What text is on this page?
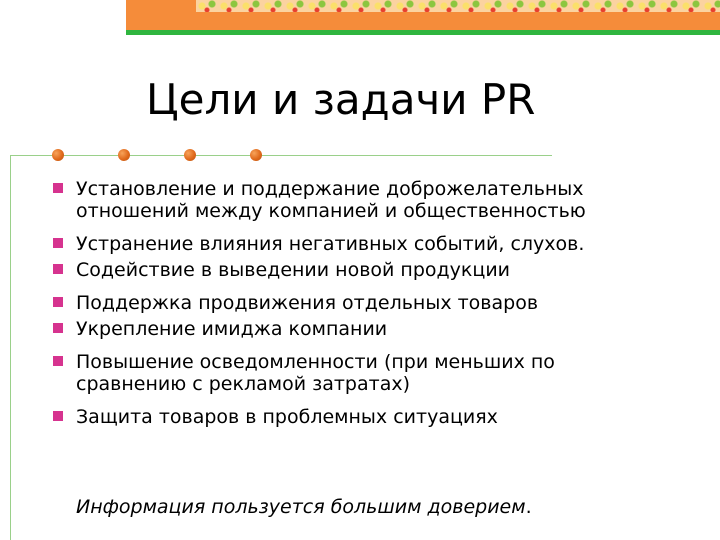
Цели и задачи PR
Установление и поддержание доброжелательных отношений между компанией и общественностью
Устранение влияния негативных событий, слухов.
Содействие в выведении новой продукции
Поддержка продвижения отдельных товаров
Укрепление имиджа компании
Повышение осведомленности (при меньших по сравнению с рекламой затратах)
Защита товаров в проблемных ситуациях
Информация пользуется большим доверием.
